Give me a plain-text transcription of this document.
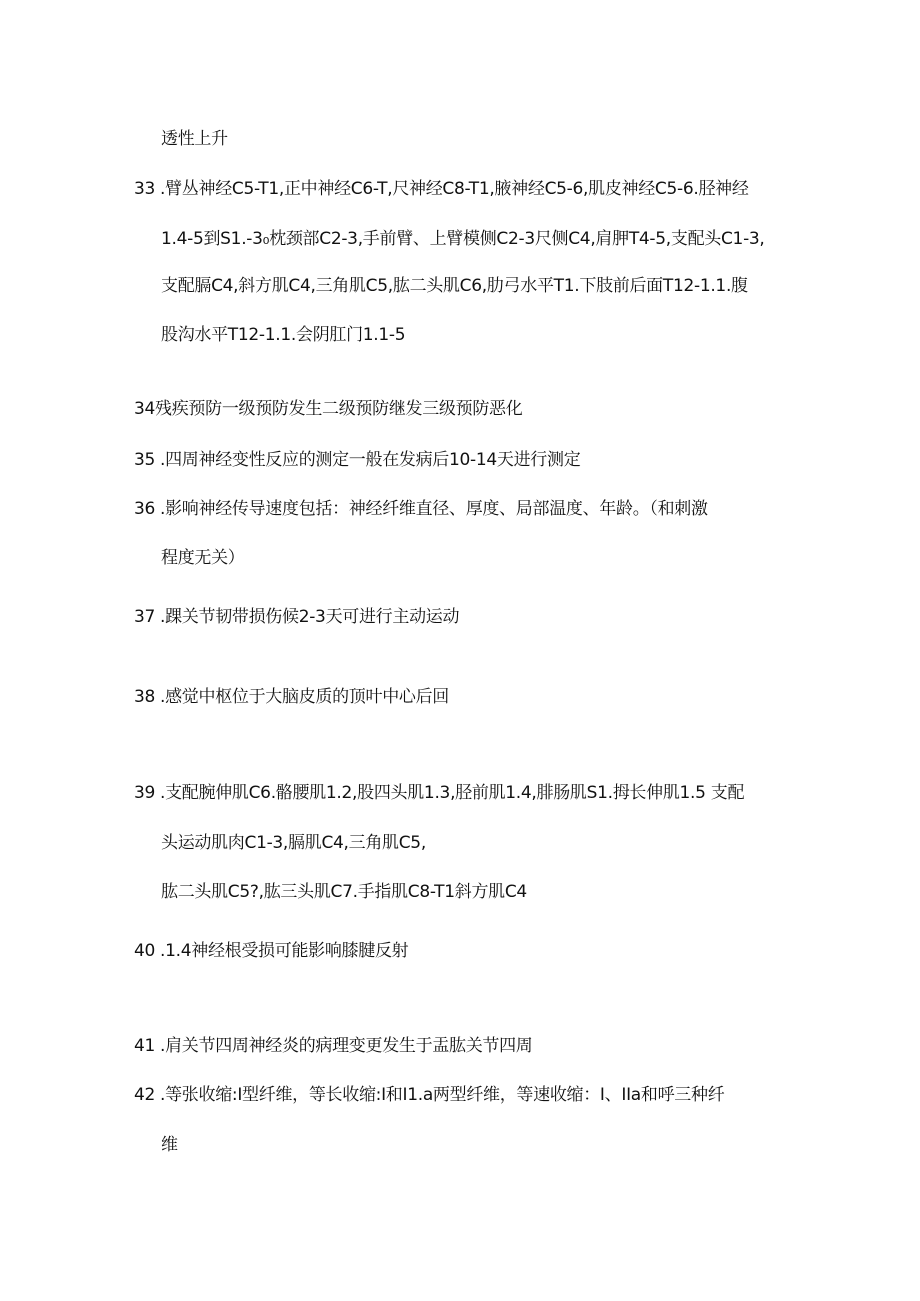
透性上升
33 .臂丛神经C5-T1,正中神经C6-T,尺神经C8-T1,腋神经C5-6,肌皮神经C5-6.胫神经
1.4-5到S1.-3₀枕颈部C2-3,手前臂、上臂模侧C2-3尺侧C4,肩胛T4-5,支配头C1-3,
支配膈C4,斜方肌C4,三角肌C5,肱二头肌C6,肋弓水平T1.下肢前后面T12-1.1.腹
股沟水平T12-1.1.会阴肛门1.1-5
34残疾预防一级预防发生二级预防继发三级预防恶化
35 .四周神经变性反应的测定一般在发病后10-14天进行测定
36 .影响神经传导速度包括：神经纤维直径、厚度、局部温度、年龄。（和刺激
程度无关）
37 .踝关节韧带损伤候2-3天可进行主动运动
38 .感觉中枢位于大脑皮质的顶叶中心后回
39 .支配腕伸肌C6.骼腰肌1.2,股四头肌1.3,胫前肌1.4,腓肠肌S1.拇长伸肌1.5 支配
头运动肌肉C1-3,膈肌C4,三角肌C5,
肱二头肌C5?,肱三头肌C7.手指肌C8-T1斜方肌C4
40 .1.4神经根受损可能影响膝腱反射
41 .肩关节四周神经炎的病理变更发生于盂肱关节四周
42 .等张收缩:I型纤维，等长收缩:I和I1.a两型纤维，等速收缩：I、IIa和呼三种纤
维
